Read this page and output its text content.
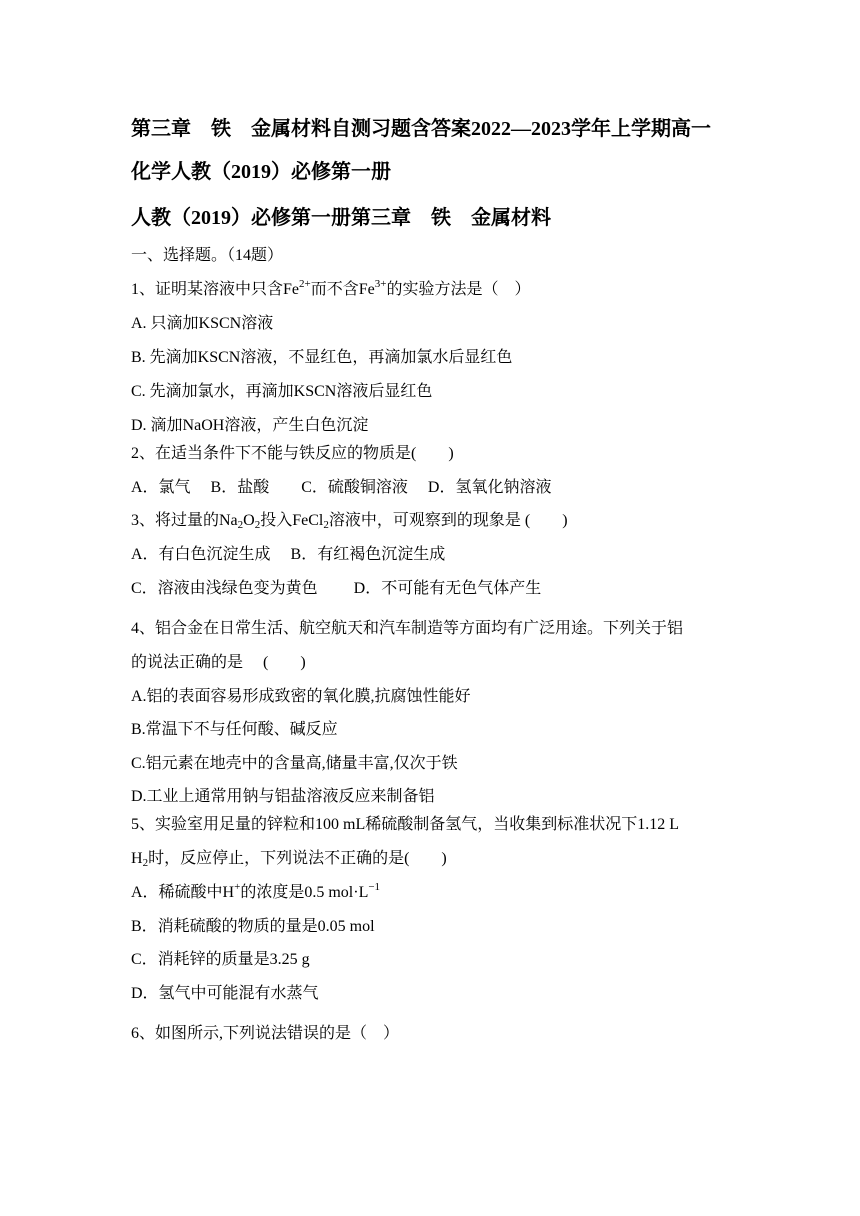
第三章　铁　金属材料自测习题含答案2022—2023学年上学期高一
化学人教（2019）必修第一册
人教（2019）必修第一册第三章　铁　金属材料
一、选择题。（14题）
1、证明某溶液中只含$Fe^{2+}$而不含$Fe^{3+}$的实验方法是（　）
A. 只滴加KSCN溶液
B. 先滴加KSCN溶液，不显红色，再滴加氯水后显红色
C. 先滴加氯水，再滴加KSCN溶液后显红色
D. 滴加NaOH溶液，产生白色沉淀
2、在适当条件下不能与铁反应的物质是(　　)
A．氯气　 B．盐酸　　C．硫酸铜溶液　 D．氢氧化钠溶液
3、将过量的$Na_2O_2$投入FeCl$_2$溶液中，可观察到的现象是 (　　)
A．有白色沉淀生成　 B．有红褐色沉淀生成
C．溶液由浅绿色变为黄色　　 D．不可能有无色气体产生
4、铝合金在日常生活、航空航天和汽车制造等方面均有广泛用途。下列关于铝
的说法正确的是　 (　　)
A.铝的表面容易形成致密的氧化膜,抗腐蚀性能好
B.常温下不与任何酸、碱反应
C.铝元素在地壳中的含量高,储量丰富,仅次于铁
D.工业上通常用钠与铝盐溶液反应来制备铝
5、实验室用足量的锌粒和100 mL稀硫酸制备氢气，当收集到标准状况下1.12 L
$H_2$时，反应停止，下列说法不正确的是(　　)
A．稀硫酸中H+的浓度是0.5 $mol\cdot L^{-1}$
B．消耗硫酸的物质的量是0.05 mol
C．消耗锌的质量是3.25 g
D．氢气中可能混有水蒸气
6、如图所示,下列说法错误的是（　）
